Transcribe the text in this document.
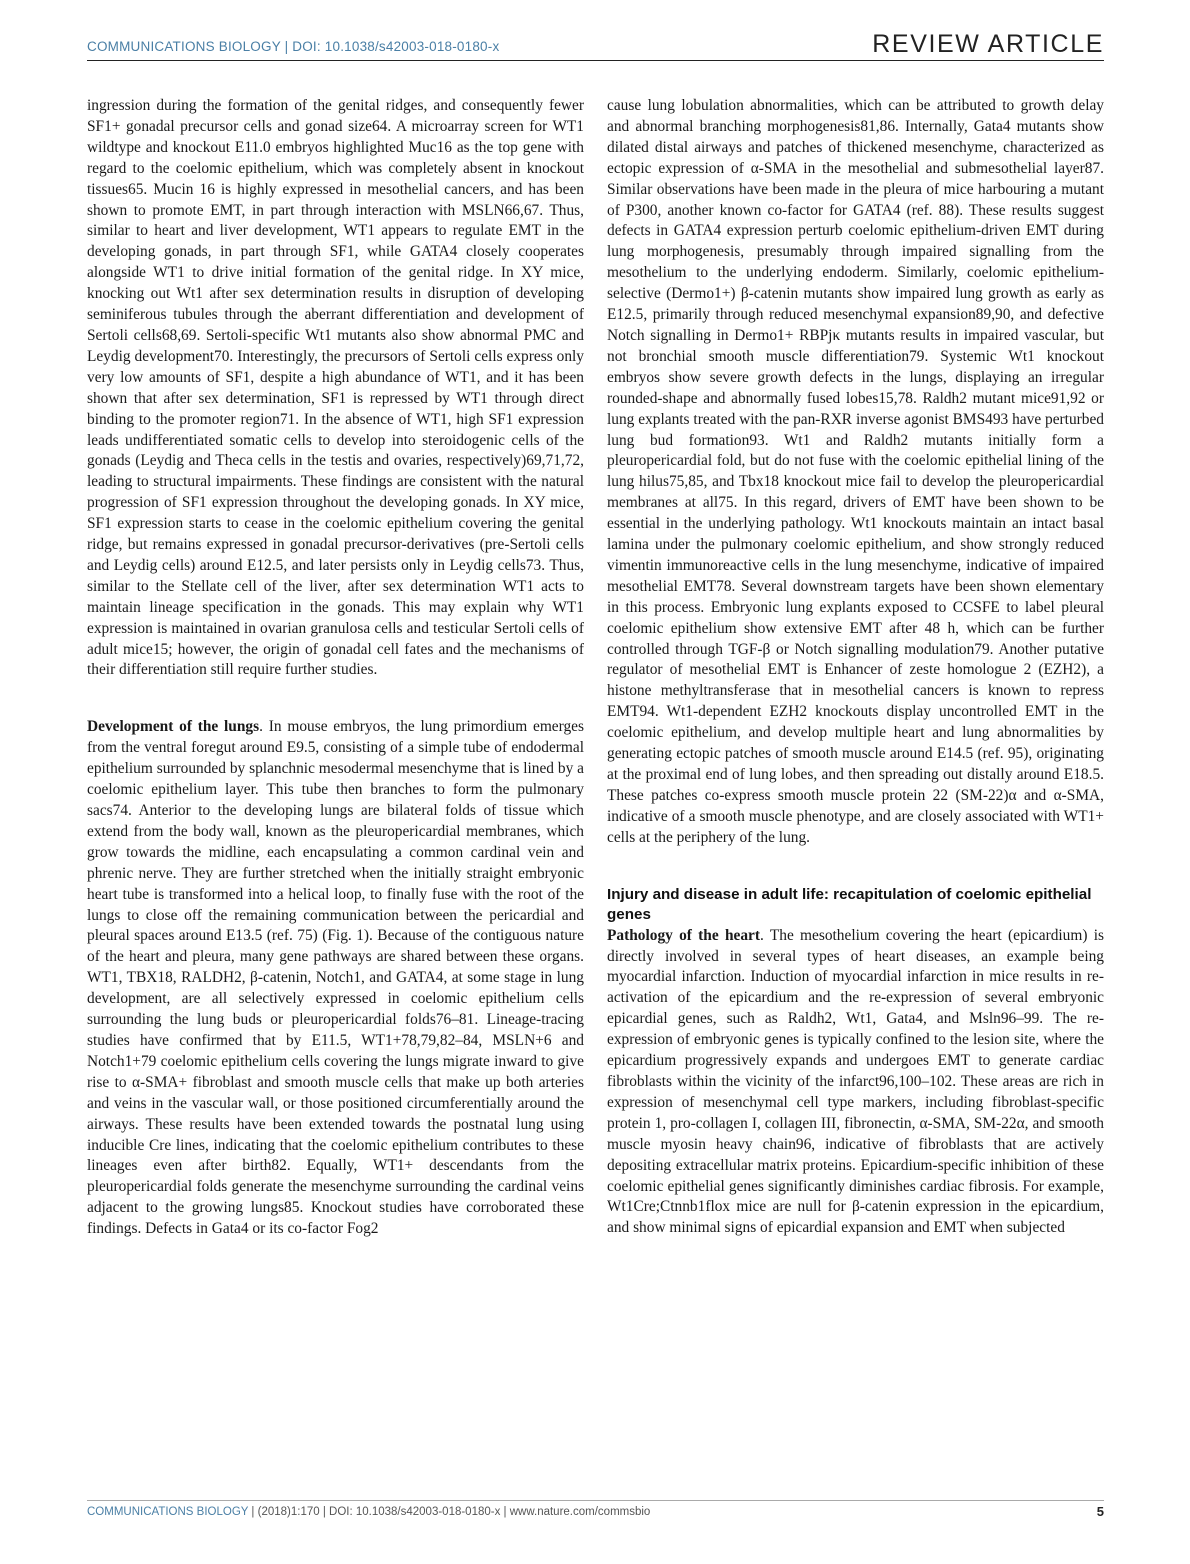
COMMUNICATIONS BIOLOGY | DOI: 10.1038/s42003-018-0180-x	REVIEW ARTICLE

ingression during the formation of the genital ridges, and consequently fewer SF1+ gonadal precursor cells and gonad size64. A microarray screen for WT1 wildtype and knockout E11.0 embryos highlighted Muc16 as the top gene with regard to the coelomic epithelium, which was completely absent in knockout tissues65. Mucin 16 is highly expressed in mesothelial cancers, and has been shown to promote EMT, in part through interaction with MSLN66,67. Thus, similar to heart and liver development, WT1 appears to regulate EMT in the developing gonads, in part through SF1, while GATA4 closely cooperates alongside WT1 to drive initial formation of the genital ridge. In XY mice, knocking out Wt1 after sex determination results in disruption of developing seminiferous tubules through the aberrant differentiation and development of Sertoli cells68,69. Sertoli-specific Wt1 mutants also show abnormal PMC and Leydig development70. Interestingly, the precursors of Sertoli cells express only very low amounts of SF1, despite a high abundance of WT1, and it has been shown that after sex determination, SF1 is repressed by WT1 through direct binding to the promoter region71. In the absence of WT1, high SF1 expression leads undifferentiated somatic cells to develop into steroidogenic cells of the gonads (Leydig and Theca cells in the testis and ovaries, respectively)69,71,72, leading to structural impairments. These findings are consistent with the natural progression of SF1 expression throughout the developing gonads. In XY mice, SF1 expression starts to cease in the coelomic epithelium covering the genital ridge, but remains expressed in gonadal precursor-derivatives (pre-Sertoli cells and Leydig cells) around E12.5, and later persists only in Leydig cells73. Thus, similar to the Stellate cell of the liver, after sex determination WT1 acts to maintain lineage specification in the gonads. This may explain why WT1 expression is maintained in ovarian granulosa cells and testicular Sertoli cells of adult mice15; however, the origin of gonadal cell fates and the mechanisms of their differentiation still require further studies.

Development of the lungs. In mouse embryos, the lung primordium emerges from the ventral foregut around E9.5, consisting of a simple tube of endodermal epithelium surrounded by splanchnic mesodermal mesenchyme that is lined by a coelomic epithelium layer. This tube then branches to form the pulmonary sacs74. Anterior to the developing lungs are bilateral folds of tissue which extend from the body wall, known as the pleuropericardial membranes, which grow towards the midline, each encapsulating a common cardinal vein and phrenic nerve. They are further stretched when the initially straight embryonic heart tube is transformed into a helical loop, to finally fuse with the root of the lungs to close off the remaining communication between the pericardial and pleural spaces around E13.5 (ref. 75) (Fig. 1). Because of the contiguous nature of the heart and pleura, many gene pathways are shared between these organs. WT1, TBX18, RALDH2, β-catenin, Notch1, and GATA4, at some stage in lung development, are all selectively expressed in coelomic epithelium cells surrounding the lung buds or pleuropericardial folds76–81. Lineage-tracing studies have confirmed that by E11.5, WT1+78,79,82–84, MSLN+6 and Notch1+79 coelomic epithelium cells covering the lungs migrate inward to give rise to α-SMA+ fibroblast and smooth muscle cells that make up both arteries and veins in the vascular wall, or those positioned circumferentially around the airways. These results have been extended towards the postnatal lung using inducible Cre lines, indicating that the coelomic epithelium contributes to these lineages even after birth82. Equally, WT1+ descendants from the pleuropericardial folds generate the mesenchyme surrounding the cardinal veins adjacent to the growing lungs85. Knockout studies have corroborated these findings. Defects in Gata4 or its co-factor Fog2

cause lung lobulation abnormalities, which can be attributed to growth delay and abnormal branching morphogenesis81,86. Internally, Gata4 mutants show dilated distal airways and patches of thickened mesenchyme, characterized as ectopic expression of α-SMA in the mesothelial and submesothelial layer87. Similar observations have been made in the pleura of mice harbouring a mutant of P300, another known co-factor for GATA4 (ref. 88). These results suggest defects in GATA4 expression perturb coelomic epithelium-driven EMT during lung morphogenesis, presumably through impaired signalling from the mesothelium to the underlying endoderm. Similarly, coelomic epithelium-selective (Dermo1+) β-catenin mutants show impaired lung growth as early as E12.5, primarily through reduced mesenchymal expansion89,90, and defective Notch signalling in Dermo1+ RBPjκ mutants results in impaired vascular, but not bronchial smooth muscle differentiation79. Systemic Wt1 knockout embryos show severe growth defects in the lungs, displaying an irregular rounded-shape and abnormally fused lobes15,78. Raldh2 mutant mice91,92 or lung explants treated with the pan-RXR inverse agonist BMS493 have perturbed lung bud formation93. Wt1 and Raldh2 mutants initially form a pleuropericardial fold, but do not fuse with the coelomic epithelial lining of the lung hilus75,85, and Tbx18 knockout mice fail to develop the pleuropericardial membranes at all75. In this regard, drivers of EMT have been shown to be essential in the underlying pathology. Wt1 knockouts maintain an intact basal lamina under the pulmonary coelomic epithelium, and show strongly reduced vimentin immunoreactive cells in the lung mesenchyme, indicative of impaired mesothelial EMT78. Several downstream targets have been shown elementary in this process. Embryonic lung explants exposed to CCSFE to label pleural coelomic epithelium show extensive EMT after 48 h, which can be further controlled through TGF-β or Notch signalling modulation79. Another putative regulator of mesothelial EMT is Enhancer of zeste homologue 2 (EZH2), a histone methyltransferase that in mesothelial cancers is known to repress EMT94. Wt1-dependent EZH2 knockouts display uncontrolled EMT in the coelomic epithelium, and develop multiple heart and lung abnormalities by generating ectopic patches of smooth muscle around E14.5 (ref. 95), originating at the proximal end of lung lobes, and then spreading out distally around E18.5. These patches co-express smooth muscle protein 22 (SM-22)α and α-SMA, indicative of a smooth muscle phenotype, and are closely associated with WT1+ cells at the periphery of the lung.

Injury and disease in adult life: recapitulation of coelomic epithelial genes

Pathology of the heart. The mesothelium covering the heart (epicardium) is directly involved in several types of heart diseases, an example being myocardial infarction. Induction of myocardial infarction in mice results in re-activation of the epicardium and the re-expression of several embryonic epicardial genes, such as Raldh2, Wt1, Gata4, and Msln96–99. The re-expression of embryonic genes is typically confined to the lesion site, where the epicardium progressively expands and undergoes EMT to generate cardiac fibroblasts within the vicinity of the infarct96,100–102. These areas are rich in expression of mesenchymal cell type markers, including fibroblast-specific protein 1, pro-collagen I, collagen III, fibronectin, α-SMA, SM-22α, and smooth muscle myosin heavy chain96, indicative of fibroblasts that are actively depositing extracellular matrix proteins. Epicardium-specific inhibition of these coelomic epithelial genes significantly diminishes cardiac fibrosis. For example, Wt1Cre;Ctnnb1flox mice are null for β-catenin expression in the epicardium, and show minimal signs of epicardial expansion and EMT when subjected

COMMUNICATIONS BIOLOGY | (2018)1:170 | DOI: 10.1038/s42003-018-0180-x | www.nature.com/commsbio	5
